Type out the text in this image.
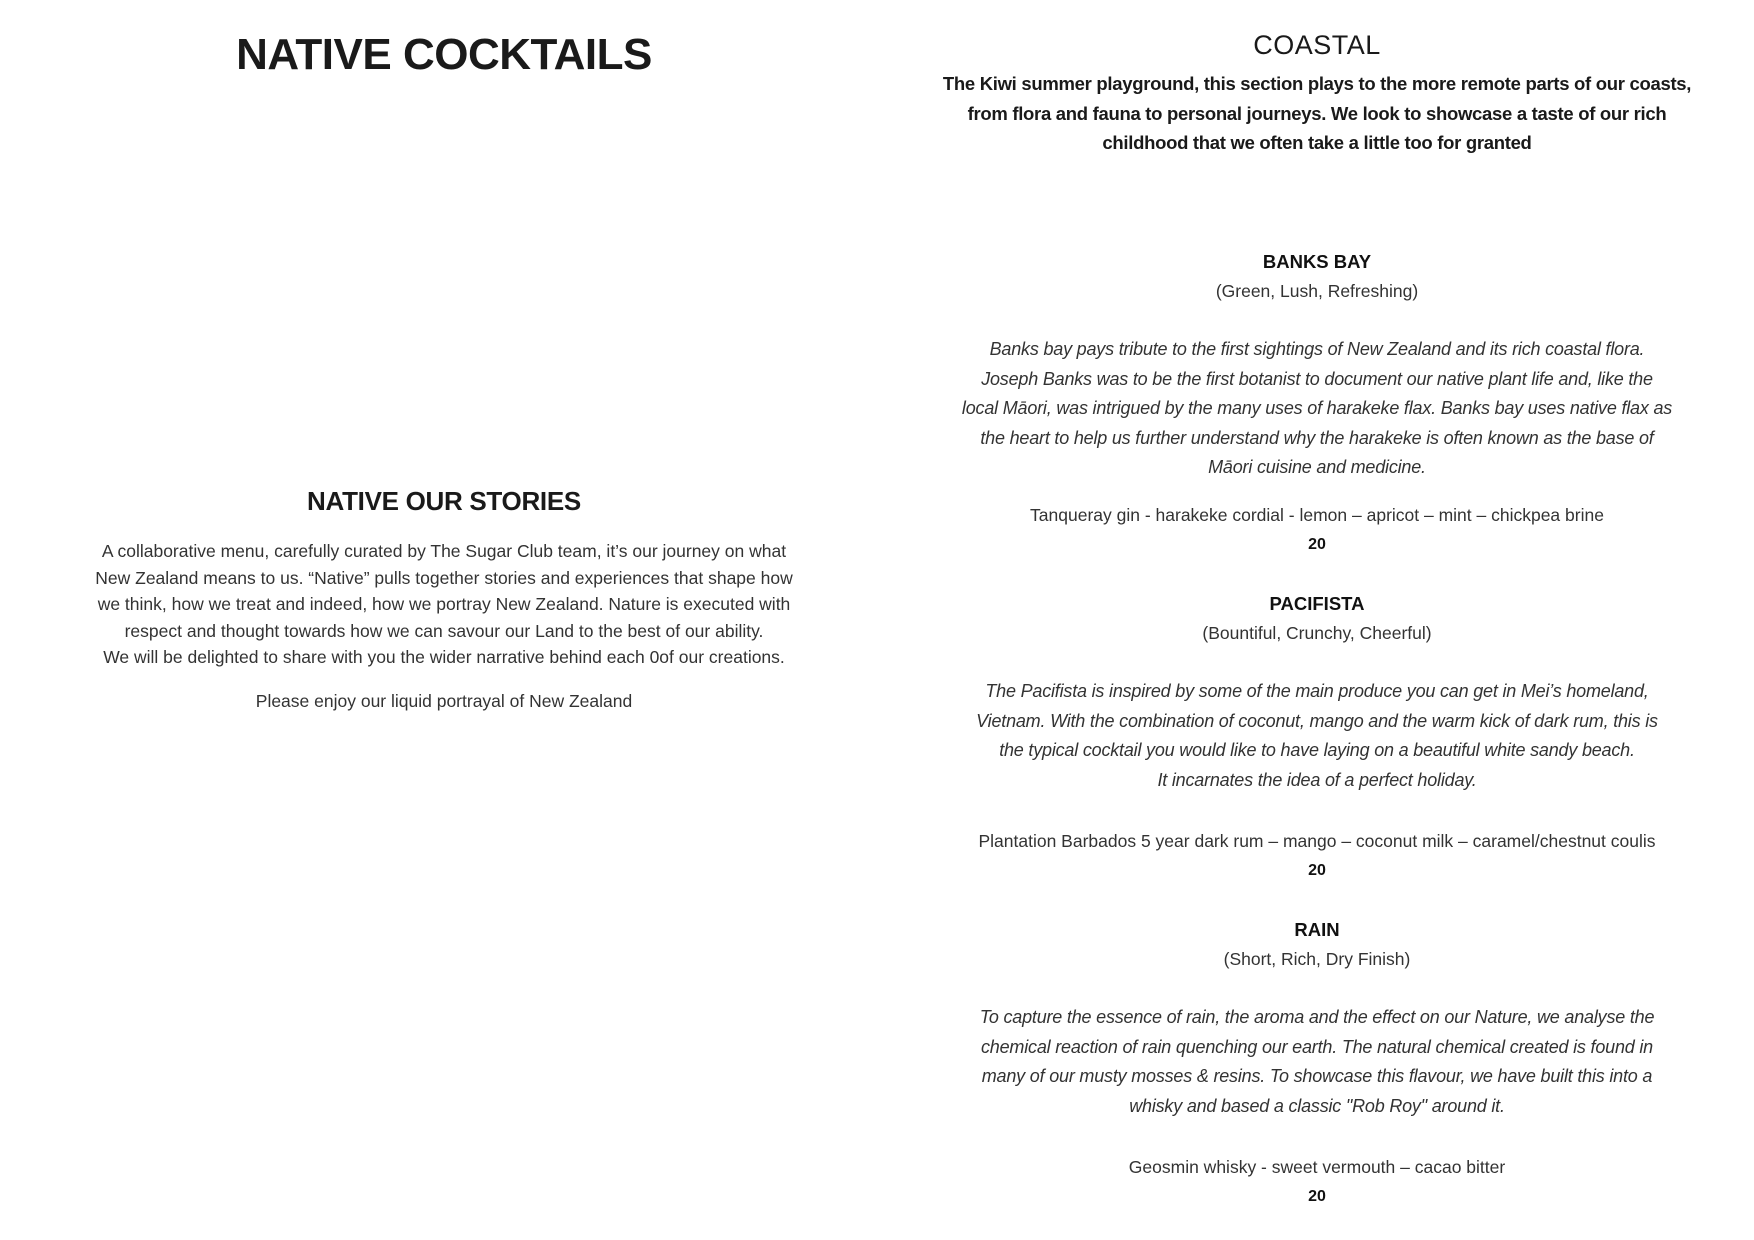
NATIVE COCKTAILS
NATIVE OUR STORIES

A collaborative menu, carefully curated by The Sugar Club team, it’s our journey on what

New Zealand means to us. “Native” pulls together stories and experiences that shape how

we think, how we treat and indeed, how we portray New Zealand. Nature is executed with

respect and thought towards how we can savour our Land to the best of our ability.

We will be delighted to share with you the wider narrative behind each 0of our creations.

Please enjoy our liquid portrayal of New Zealand
COASTAL

The Kiwi summer playground, this section plays to the more remote parts of our coasts,

from flora and fauna to personal journeys. We look to showcase a taste of our rich

childhood that we often take a little too for granted

BANKS BAY
(Green, Lush, Refreshing)

Banks bay pays tribute to the first sightings of New Zealand and its rich coastal flora.

Joseph Banks was to be the first botanist to document our native plant life and, like the

local Māori, was intrigued by the many uses of harakeke flax. Banks bay uses native flax as

the heart to help us further understand why the harakeke is often known as the base of

Māori cuisine and medicine.

Tanqueray gin - harakeke cordial - lemon – apricot – mint – chickpea brine
20
PACIFISTA
(Bountiful, Crunchy, Cheerful)

The Pacifista is inspired by some of the main produce you can get in Mei’s homeland,

Vietnam. With the combination of coconut, mango and the warm kick of dark rum, this is

the typical cocktail you would like to have laying on a beautiful white sandy beach.

It incarnates the idea of a perfect holiday.

Plantation Barbados 5 year dark rum – mango – coconut milk – caramel/chestnut coulis
20
RAIN
(Short, Rich, Dry Finish)

To capture the essence of rain, the aroma and the effect on our Nature, we analyse the

chemical reaction of rain quenching our earth. The natural chemical created is found in

many of our musty mosses & resins. To showcase this flavour, we have built this into a

whisky and based a classic "Rob Roy" around it.

Geosmin whisky - sweet vermouth – cacao bitter
20
